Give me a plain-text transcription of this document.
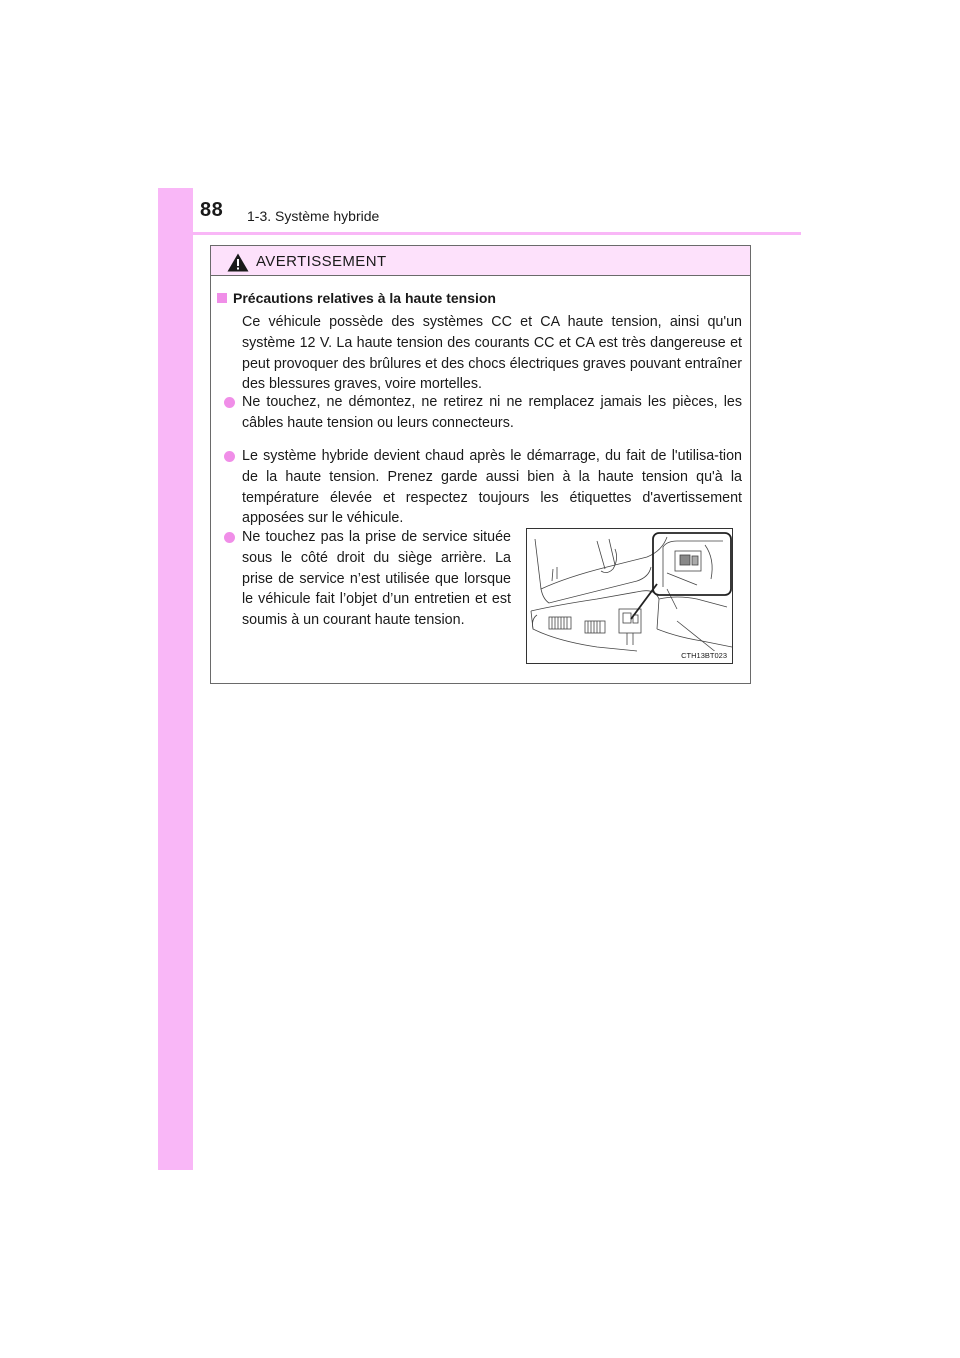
88 1-3. Système hybride
AVERTISSEMENT
Précautions relatives à la haute tension
Ce véhicule possède des systèmes CC et CA haute tension, ainsi qu'un système 12 V. La haute tension des courants CC et CA est très dangereuse et peut provoquer des brûlures et des chocs électriques graves pouvant entraîner des blessures graves, voire mortelles.
Ne touchez, ne démontez, ne retirez ni ne remplacez jamais les pièces, les câbles haute tension ou leurs connecteurs.
Le système hybride devient chaud après le démarrage, du fait de l'utilisa-tion de la haute tension. Prenez garde aussi bien à la haute tension qu'à la température élevée et respectez toujours les étiquettes d'avertissement apposées sur le véhicule.
Ne touchez pas la prise de service située sous le côté droit du siège arrière. La prise de service n’est utilisée que lorsque le véhicule fait l’objet d’un entretien et est soumis à un courant haute tension.
CTH13BT023
